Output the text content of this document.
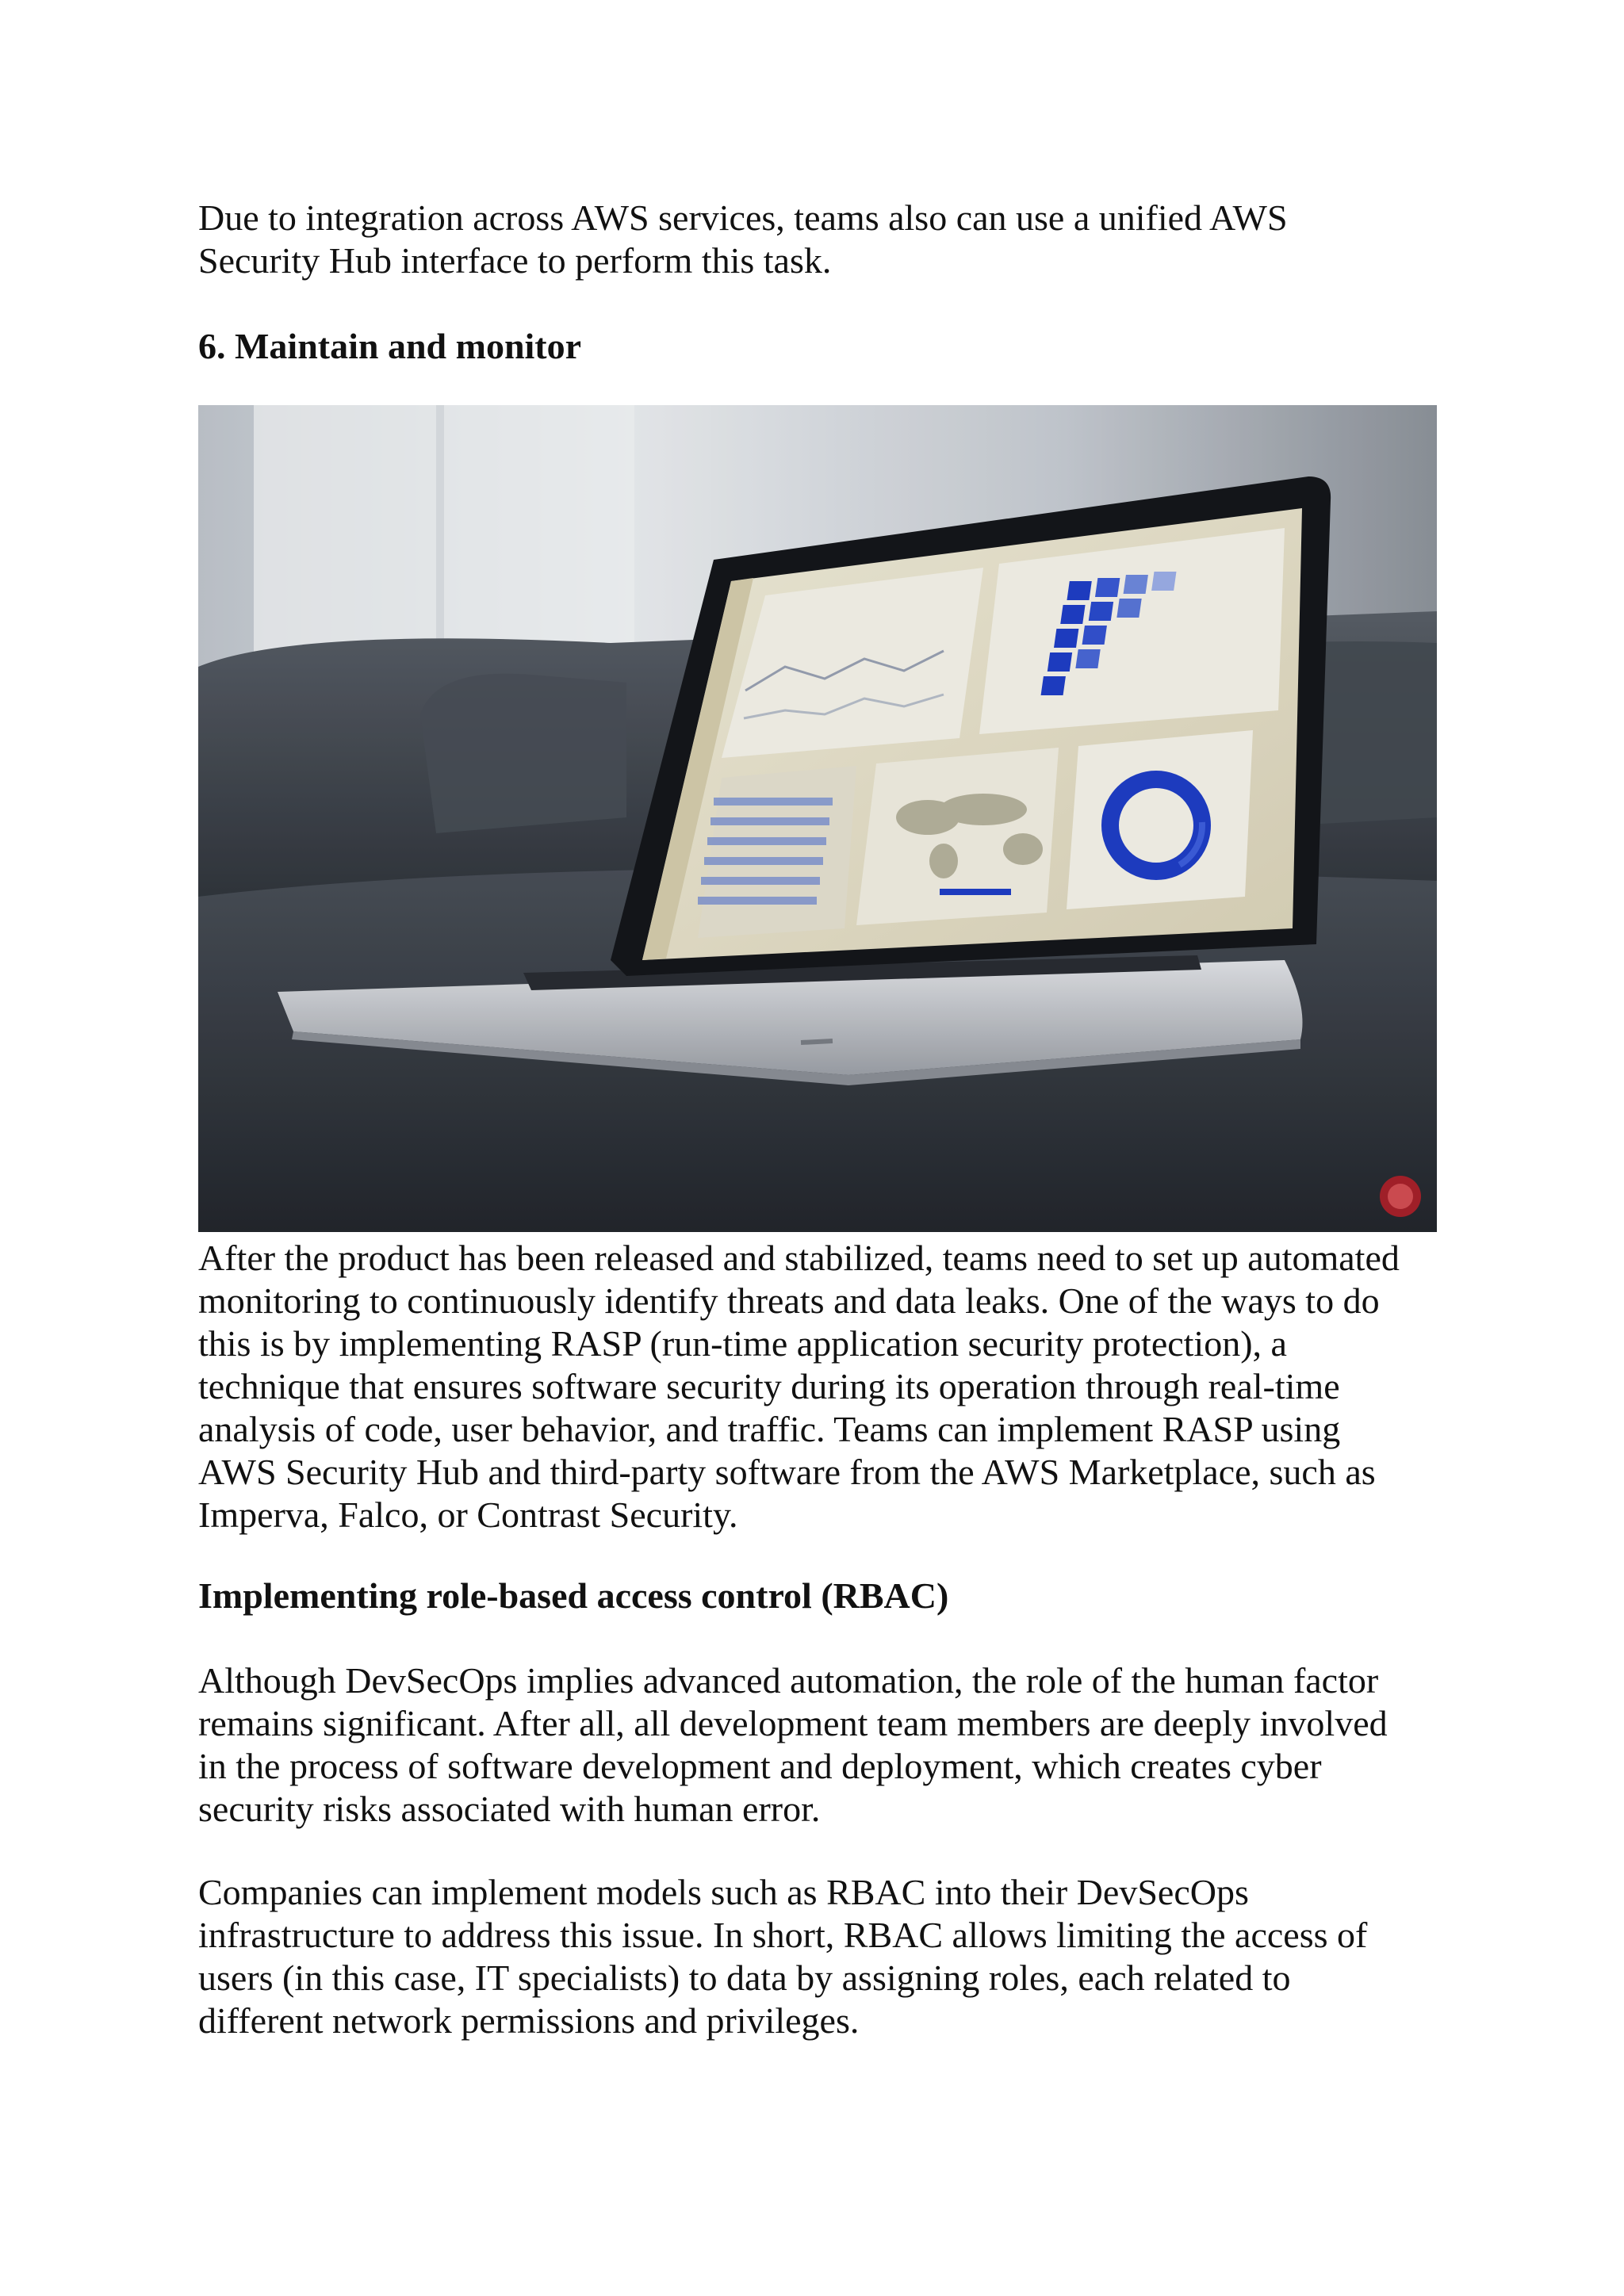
Due to integration across AWS services, teams also can use a unified AWS
Security Hub interface to perform this task.

6. Maintain and monitor

After the product has been released and stabilized, teams need to set up automated
monitoring to continuously identify threats and data leaks. One of the ways to do
this is by implementing RASP (run-time application security protection), a
technique that ensures software security during its operation through real-time
analysis of code, user behavior, and traffic. Teams can implement RASP using
AWS Security Hub and third-party software from the AWS Marketplace, such as
Imperva, Falco, or Contrast Security.

Implementing role-based access control (RBAC)

Although DevSecOps implies advanced automation, the role of the human factor
remains significant. After all, all development team members are deeply involved
in the process of software development and deployment, which creates cyber
security risks associated with human error.

Companies can implement models such as RBAC into their DevSecOps
infrastructure to address this issue. In short, RBAC allows limiting the access of
users (in this case, IT specialists) to data by assigning roles, each related to
different network permissions and privileges.
